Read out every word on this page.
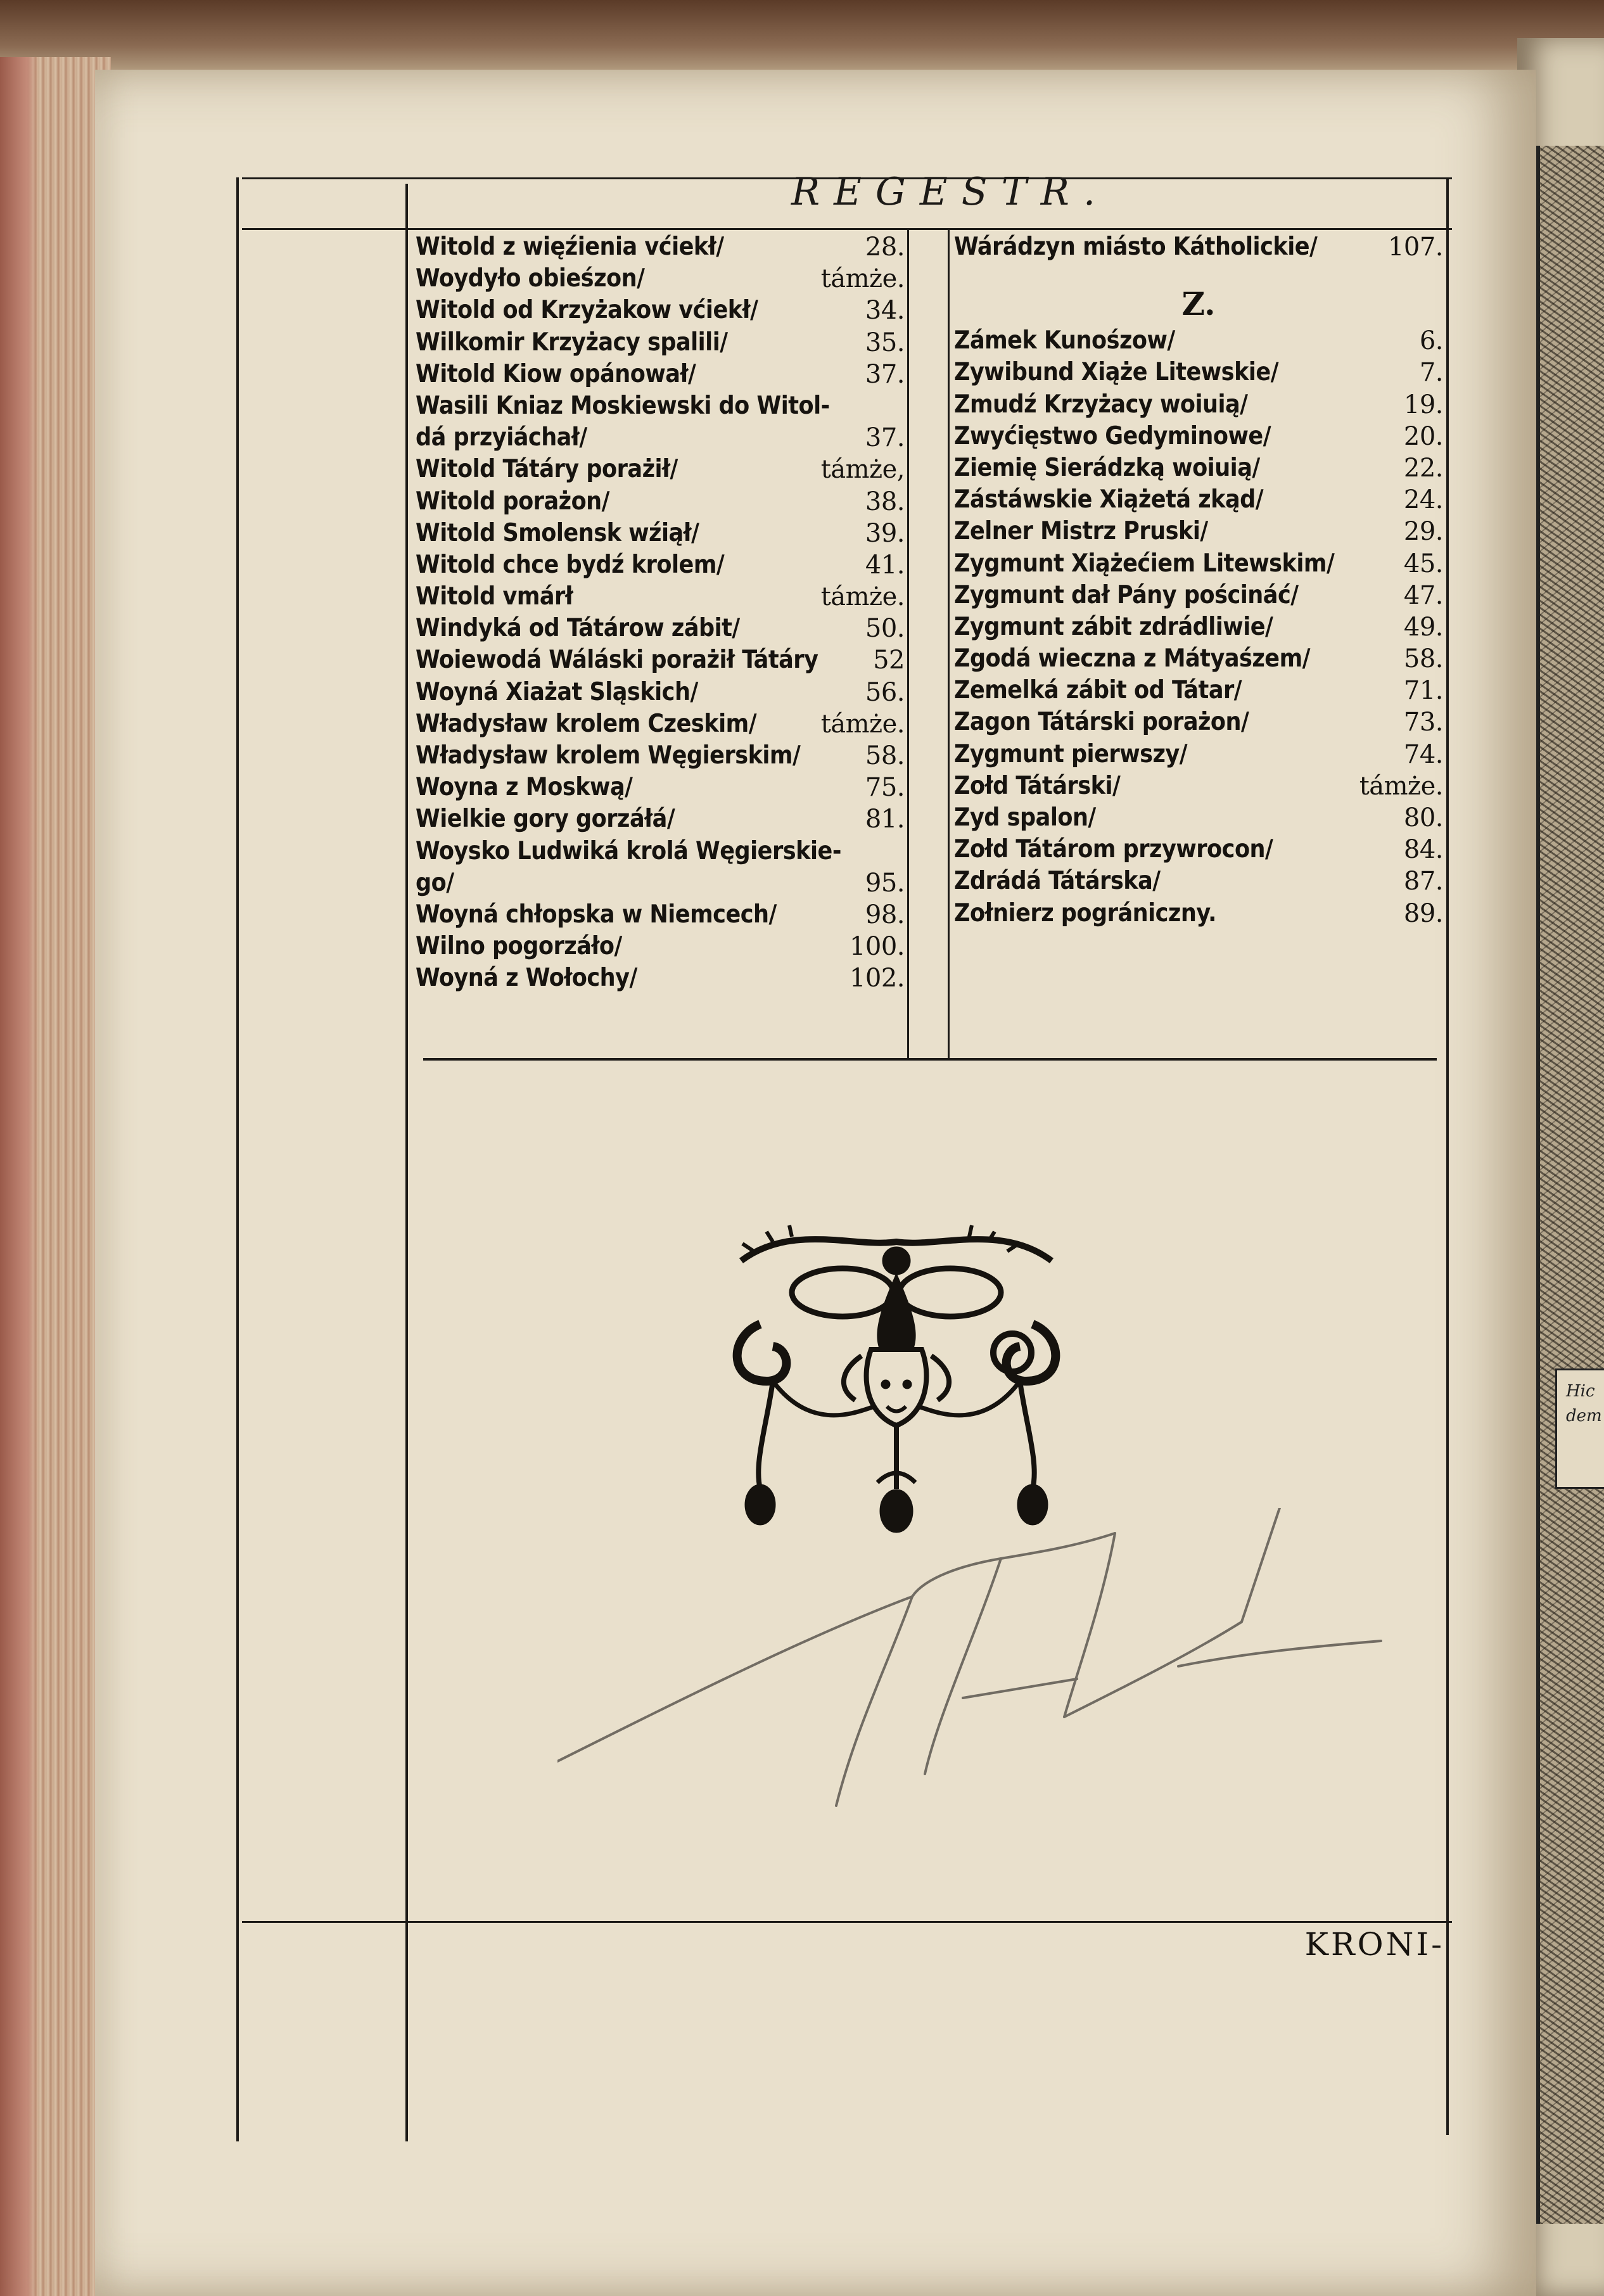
Hic dem
REGESTR.
Witold z więźienia vćiekł/	28.
Woydyło obieśzon/	támże.
Witold od Krzyżakow vćiekł/	34.
Wilkomir Krzyżacy spalili/	35.
Witold Kiow opánował/	37.
Wasili Kniaz Moskiewski do Witol-
dá przyiáchał/	37.
Witold Tátáry porażił/	támże,
Witold porażon/	38.
Witold Smolensk wźiął/	39.
Witold chce bydź krolem/	41.
Witold vmárł	támże.
Windyká od Tátárow zábit/	50.
Woiewodá Wáláski porażił Tátáry 52
Woyná Xiażat Sląskich/	56.
Władysław krolem Czeskim/	támże.
Władysław krolem Węgierskim/	58.
Woyna z Moskwą/	75.
Wielkie gory gorzáłá/	81.
Woysko Ludwiká krolá Węgierskie-
go/	95.
Woyná chłopska w Niemcech/	98.
Wilno pogorzáło/	100.
Woyná z Wołochy/	102.
Wárádzyn miásto Kátholickie/	107.
Z.
Zámek Kunośzow/	6.
Zywibund Xiąże Litewskie/	7.
Zmudź Krzyżacy woiuią/	19.
Zwyćięstwo Gedyminowe/	20.
Ziemię Sierádzką woiuią/	22.
Zástáwskie Xiążetá zkąd/	24.
Zelner Mistrz Pruski/	29.
Zygmunt Xiążećiem Litewskim/	45.
Zygmunt dał Pány poścináć/	47.
Zygmunt zábit zdrádliwie/	49.
Zgodá wieczna z Mátyaśzem/	58.
Zemelká zábit od Tátar/	71.
Zagon Tátárski porażon/	73.
Zygmunt pierwszy/	74.
Zołd Tátárski/	támże.
Zyd spalon/	80.
Zołd Tátárom przywrocon/	84.
Zdrádá Tátárska/	87.
Zołnierz pográniczny.	89.
KRONI-
